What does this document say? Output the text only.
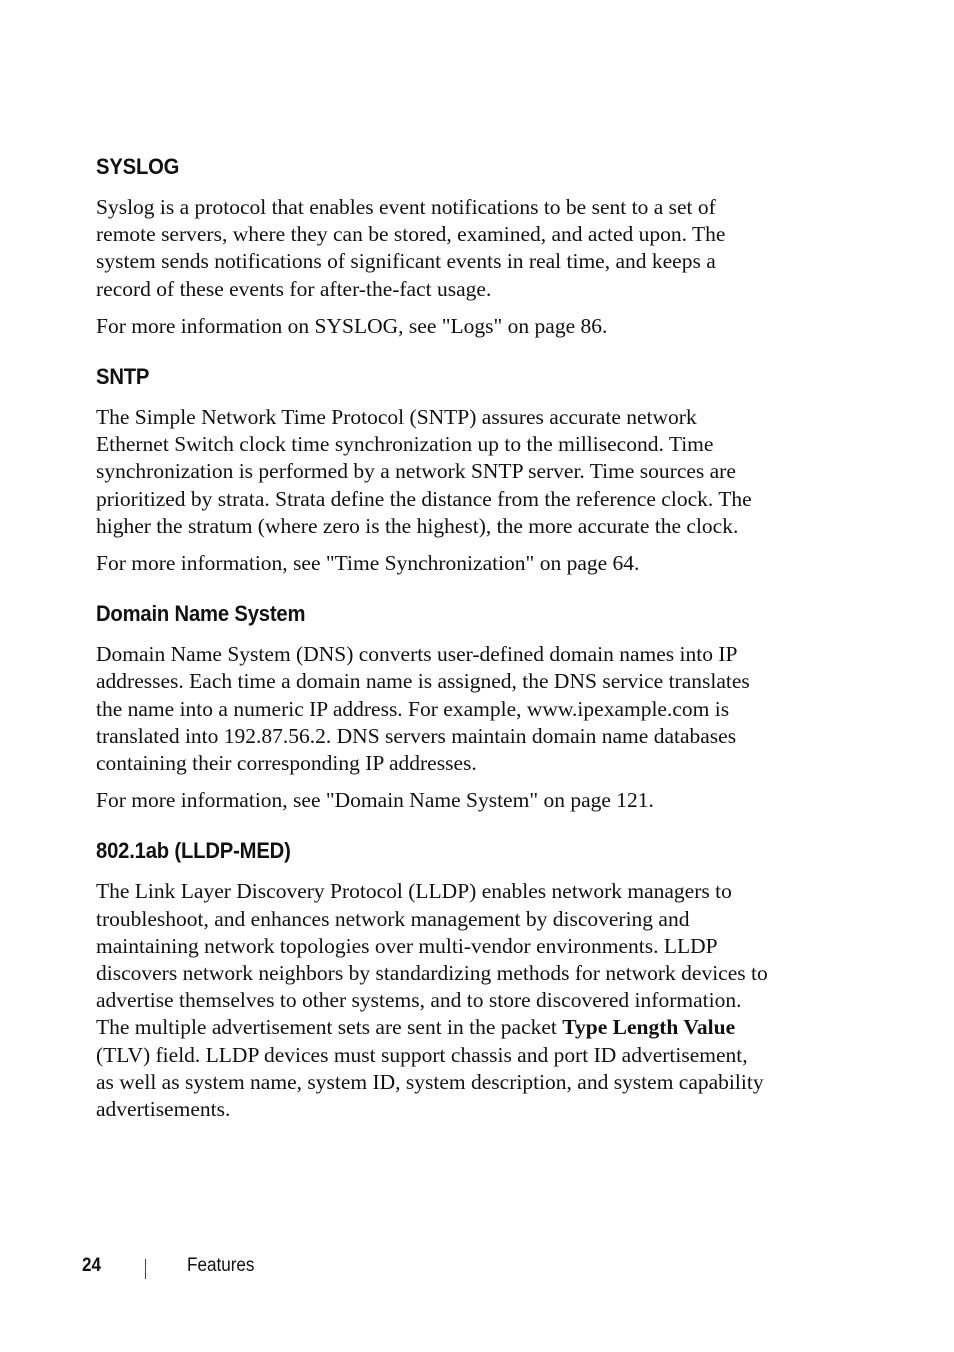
SYSLOG

Syslog is a protocol that enables event notifications to be sent to a set of
remote servers, where they can be stored, examined, and acted upon. The
system sends notifications of significant events in real time, and keeps a
record of these events for after-the-fact usage.

For more information on SYSLOG, see "Logs" on page 86.

SNTP

The Simple Network Time Protocol (SNTP) assures accurate network
Ethernet Switch clock time synchronization up to the millisecond. Time
synchronization is performed by a network SNTP server. Time sources are
prioritized by strata. Strata define the distance from the reference clock. The
higher the stratum (where zero is the highest), the more accurate the clock.

For more information, see "Time Synchronization" on page 64.

Domain Name System

Domain Name System (DNS) converts user-defined domain names into IP
addresses. Each time a domain name is assigned, the DNS service translates
the name into a numeric IP address. For example, www.ipexample.com is
translated into 192.87.56.2. DNS servers maintain domain name databases
containing their corresponding IP addresses.

For more information, see "Domain Name System" on page 121.

802.1ab (LLDP-MED)

The Link Layer Discovery Protocol (LLDP) enables network managers to
troubleshoot, and enhances network management by discovering and
maintaining network topologies over multi-vendor environments. LLDP
discovers network neighbors by standardizing methods for network devices to
advertise themselves to other systems, and to store discovered information.
The multiple advertisement sets are sent in the packet Type Length Value
(TLV) field. LLDP devices must support chassis and port ID advertisement,
as well as system name, system ID, system description, and system capability
advertisements.

24	Features
